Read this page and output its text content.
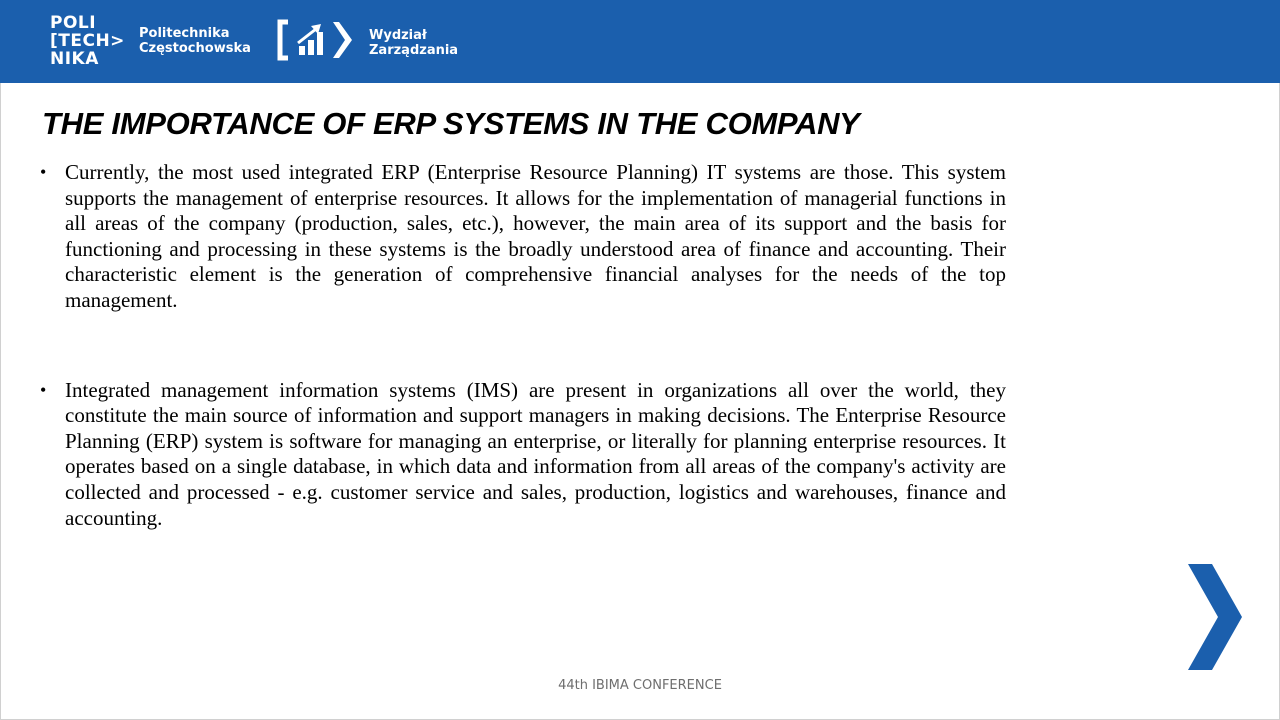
POLI
[TECH>
NIKA
Politechnika
Częstochowska
Wydział
Zarządzania
THE IMPORTANCE OF ERP SYSTEMS IN THE COMPANY
• Currently, the most used integrated ERP (Enterprise Resource Planning) IT systems are those. This system supports the management of enterprise resources. It allows for the implementation of managerial functions in all areas of the company (production, sales, etc.), however, the main area of its support and the basis for functioning and processing in these systems is the broadly understood area of finance and accounting. Their characteristic element is the generation of comprehensive financial analyses for the needs of the top management.
• Integrated management information systems (IMS) are present in organizations all over the world, they constitute the main source of information and support managers in making decisions. The Enterprise Resource Planning (ERP) system is software for managing an enterprise, or literally for planning enterprise resources. It operates based on a single database, in which data and information from all areas of the company's activity are collected and processed - e.g. customer service and sales, production, logistics and warehouses, finance and accounting.
44th IBIMA CONFERENCE
